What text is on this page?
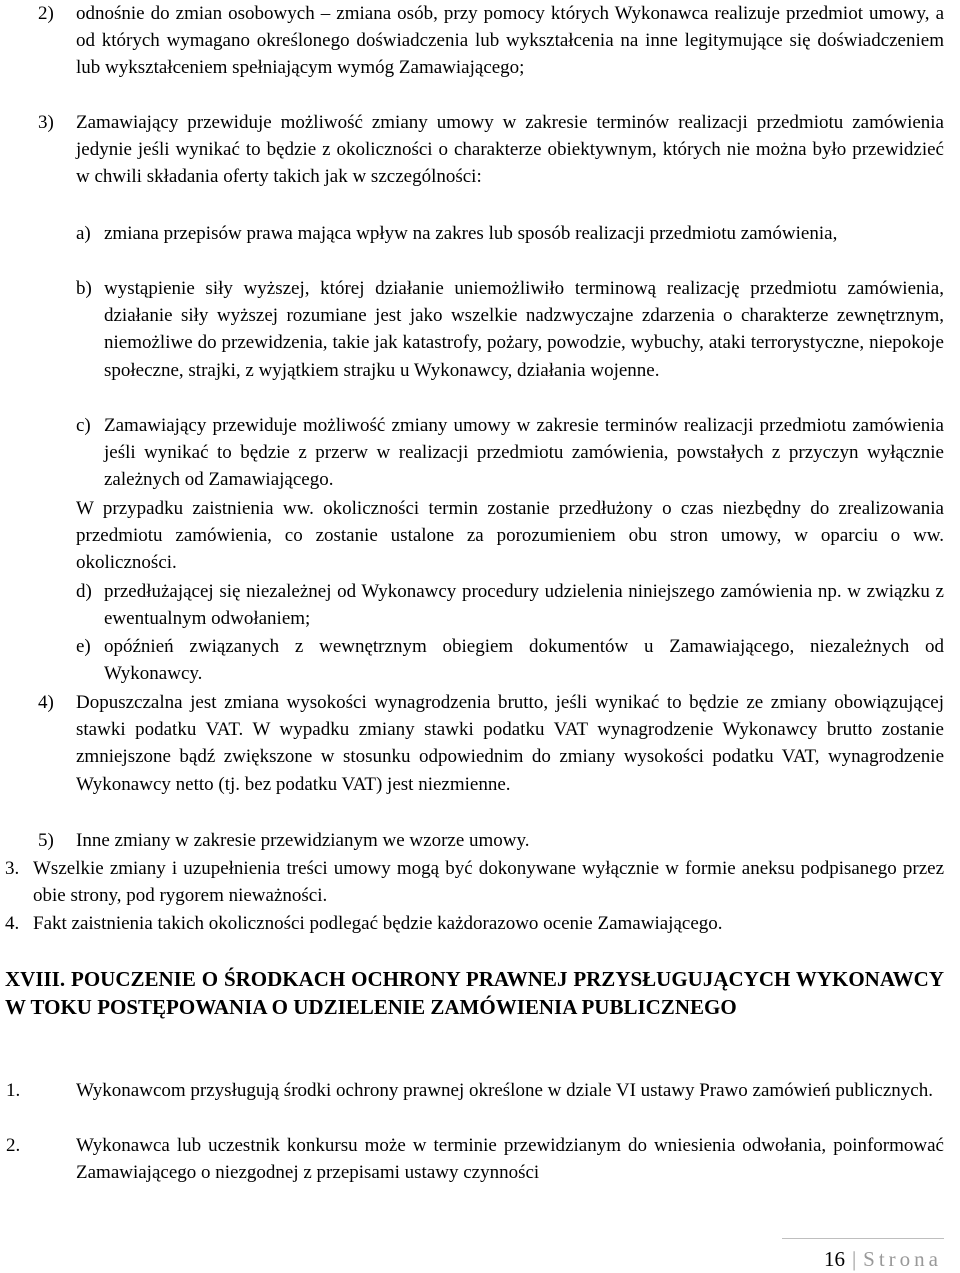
2) odnośnie do zmian osobowych – zmiana osób, przy pomocy których Wykonawca realizuje przedmiot umowy, a od których wymagano określonego doświadczenia lub wykształcenia na inne legitymujące się doświadczeniem lub wykształceniem spełniającym wymóg Zamawiającego;
3) Zamawiający przewiduje możliwość zmiany umowy w zakresie terminów realizacji przedmiotu zamówienia jedynie jeśli wynikać to będzie z okoliczności o charakterze obiektywnym, których nie można było przewidzieć w chwili składania oferty takich jak w szczególności:
a) zmiana przepisów prawa mająca wpływ na zakres lub sposób realizacji przedmiotu zamówienia,
b) wystąpienie siły wyższej, której działanie uniemożliwiło terminową realizację przedmiotu zamówienia, działanie siły wyższej rozumiane jest jako wszelkie nadzwyczajne zdarzenia o charakterze zewnętrznym, niemożliwe do przewidzenia, takie jak katastrofy, pożary, powodzie, wybuchy, ataki terrorystyczne, niepokoje społeczne, strajki, z wyjątkiem strajku u Wykonawcy, działania wojenne.
c) Zamawiający przewiduje możliwość zmiany umowy w zakresie terminów realizacji przedmiotu zamówienia jeśli wynikać to będzie z przerw w realizacji przedmiotu zamówienia, powstałych z przyczyn wyłącznie zależnych od Zamawiającego.

W przypadku zaistnienia ww. okoliczności termin zostanie przedłużony o czas niezbędny do zrealizowania przedmiotu zamówienia, co zostanie ustalone za porozumieniem obu stron umowy, w oparciu o ww. okoliczności.

d) przedłużającej się niezależnej od Wykonawcy procedury udzielenia niniejszego zamówienia np. w związku z ewentualnym odwołaniem;
e) opóźnień związanych z wewnętrznym obiegiem dokumentów u Zamawiającego, niezależnych od Wykonawcy.
4) Dopuszczalna jest zmiana wysokości wynagrodzenia brutto, jeśli wynikać to będzie ze zmiany obowiązującej stawki podatku VAT. W wypadku zmiany stawki podatku VAT wynagrodzenie Wykonawcy brutto zostanie zmniejszone bądź zwiększone w stosunku odpowiednim do zmiany wysokości podatku VAT, wynagrodzenie Wykonawcy netto (tj. bez podatku VAT) jest niezmienne.
5) Inne zmiany w zakresie przewidzianym we wzorze umowy.
3. Wszelkie zmiany i uzupełnienia treści umowy mogą być dokonywane wyłącznie w formie aneksu podpisanego przez obie strony, pod rygorem nieważności.
4. Fakt zaistnienia takich okoliczności podlegać będzie każdorazowo ocenie Zamawiającego.
XVIII. POUCZENIE O ŚRODKACH OCHRONY PRAWNEJ PRZYSŁUGUJĄCYCH WYKONAWCY W TOKU POSTĘPOWANIA O UDZIELENIE ZAMÓWIENIA PUBLICZNEGO
1.	Wykonawcom przysługują środki ochrony prawnej określone w dziale VI ustawy Prawo zamówień publicznych.
2.	Wykonawca lub uczestnik konkursu może w terminie przewidzianym do wniesienia odwołania, poinformować Zamawiającego o niezgodnej z przepisami ustawy czynności
16 | Strona
